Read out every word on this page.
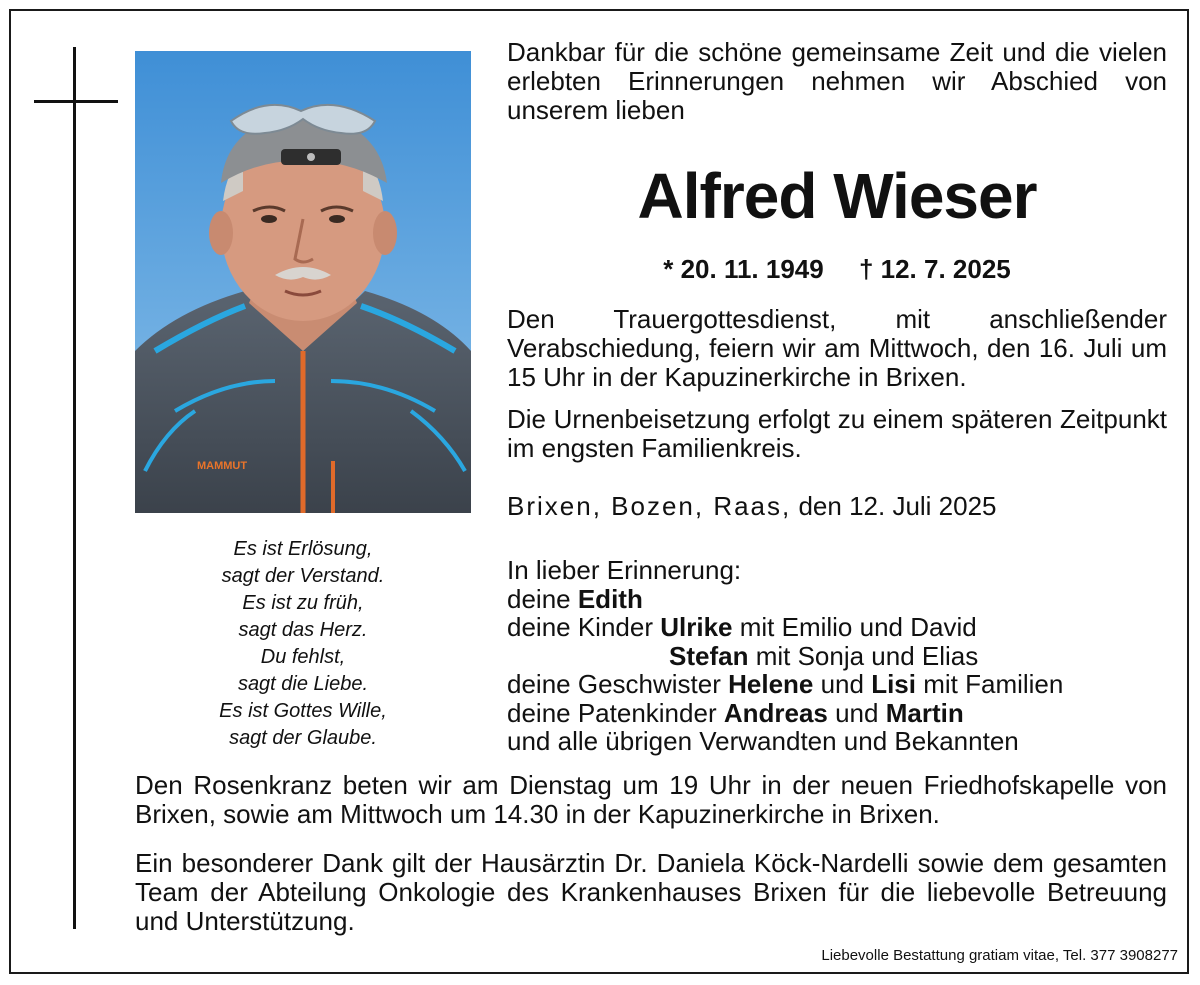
MAMMUT
Es ist Erlösung,
sagt der Verstand.
Es ist zu früh,
sagt das Herz.
Du fehlst,
sagt die Liebe.
Es ist Gottes Wille,
sagt der Glaube.
Dankbar für die schöne gemeinsame Zeit und die vielen erlebten Erinnerungen nehmen wir Abschied von unserem lieben
Alfred Wieser
* 20. 11. 1949 † 12. 7. 2025
Den Trauergottesdienst, mit anschließender Verabschiedung, feiern wir am Mittwoch, den 16. Juli um 15 Uhr in der Kapuzinerkirche in Brixen.
Die Urnenbeisetzung erfolgt zu einem späteren Zeitpunkt im engsten Familienkreis.
Brixen, Bozen, Raas, den 12. Juli 2025
In lieber Erinnerung:
deine Edith
deine Kinder Ulrike mit Emilio und David
Stefan mit Sonja und Elias
deine Geschwister Helene und Lisi mit Familien
deine Patenkinder Andreas und Martin
und alle übrigen Verwandten und Bekannten
Den Rosenkranz beten wir am Dienstag um 19 Uhr in der neuen Friedhofskapelle von Brixen, sowie am Mittwoch um 14.30 in der Kapuzinerkirche in Brixen.
Ein besonderer Dank gilt der Hausärztin Dr. Daniela Köck-Nardelli sowie dem gesamten Team der Abteilung Onkologie des Krankenhauses Brixen für die liebevolle Betreuung und Unterstützung.
Liebevolle Bestattung gratiam vitae, Tel. 377 3908277
